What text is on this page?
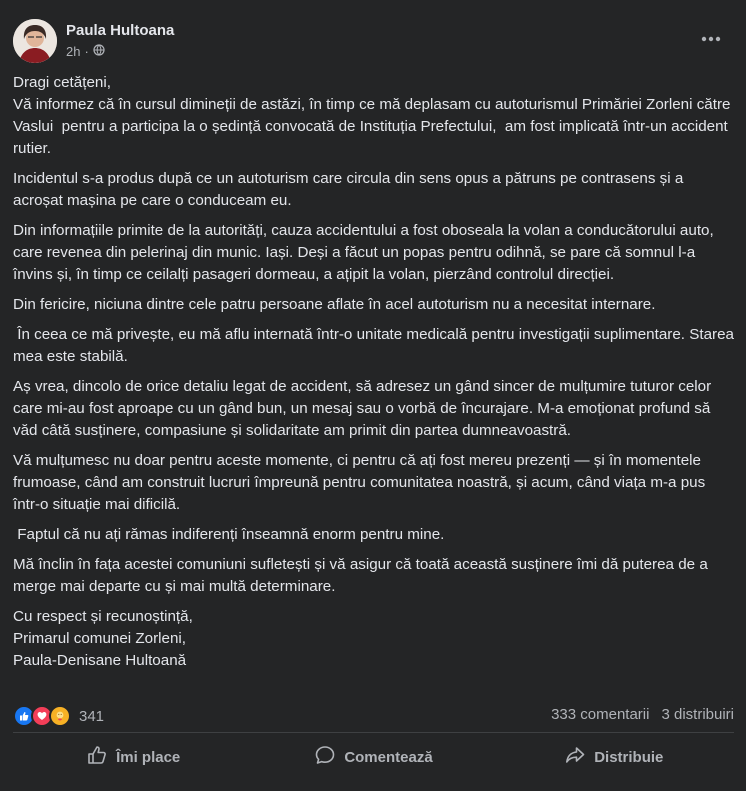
Paula Hultoana
2h ·

Dragi cetățeni,
Vă informez că în cursul dimineții de astăzi, în timp ce mă deplasam cu autoturismul Primăriei Zorleni către Vaslui  pentru a participa la o ședință convocată de Instituția Prefectului,  am fost implicată într-un accident rutier.

Incidentul s-a produs după ce un autoturism care circula din sens opus a pătruns pe contrasens și a acroșat mașina pe care o conduceam eu.

Din informațiile primite de la autorități, cauza accidentului a fost oboseala la volan a conducătorului auto, care revenea din pelerinaj din munic. Iași. Deși a făcut un popas pentru odihnă, se pare că somnul l-a învins și, în timp ce ceilalți pasageri dormeau, a ațipit la volan, pierzând controlul direcției.

Din fericire, niciuna dintre cele patru persoane aflate în acel autoturism nu a necesitat internare.

În ceea ce mă privește, eu mă aflu internată într-o unitate medicală pentru investigații suplimentare. Starea mea este stabilă.

Aș vrea, dincolo de orice detaliu legat de accident, să adresez un gând sincer de mulțumire tuturor celor care mi-au fost aproape cu un gând bun, un mesaj sau o vorbă de încurajare. M-a emoționat profund să văd câtă susținere, compasiune și solidaritate am primit din partea dumneavoastră.

Vă mulțumesc nu doar pentru aceste momente, ci pentru că ați fost mereu prezenți — și în momentele frumoase, când am construit lucruri împreună pentru comunitatea noastră, și acum, când viața m-a pus într-o situație mai dificilă.

Faptul că nu ați rămas indiferenți înseamnă enorm pentru mine.

Mă înclin în fața acestei comuniuni sufletești și vă asigur că toată această susținere îmi dă puterea de a merge mai departe cu și mai multă determinare.

Cu respect și recunoștință,
Primarul comunei Zorleni,
Paula-Denisane Hultoană

341	333 comentarii 3 distribuiri
Îmi place	Comentează	Distribuie
